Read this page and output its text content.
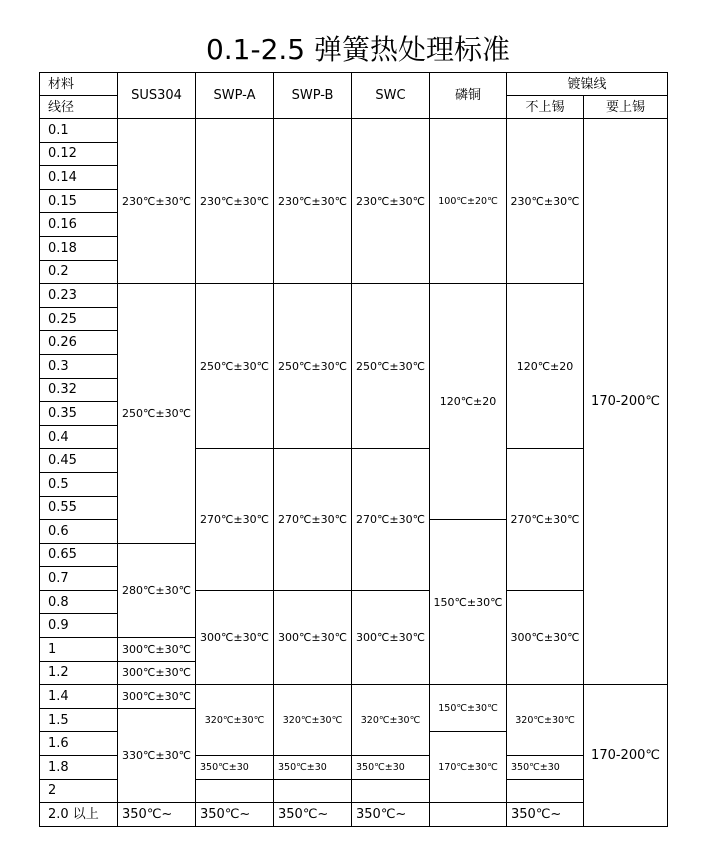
0.1-2.5 弹簧热处理标准
材料	SUS304	SWP-A	SWP-B	SWC	磷铜	镀镍线	
线径						不上锡	要上锡
0.1	230℃±30℃	230℃±30℃	230℃±30℃	230℃±30℃	100℃±20℃	230℃±30℃	170-200℃
0.12							
0.14							
0.15							
0.16							
0.18							
0.2							
0.23	250℃±30℃	250℃±30℃	250℃±30℃	250℃±30℃	120℃±20	120℃±20	
0.25							
0.26							
0.3							
0.32							
0.35							
0.4							
0.45		270℃±30℃	270℃±30℃	270℃±30℃		270℃±30℃	
0.5							
0.55							
0.6					150℃±30℃		
0.65	280℃±30℃						
0.7							
0.8		300℃±30℃	300℃±30℃	300℃±30℃		300℃±30℃	
0.9							
1	300℃±30℃						
1.2	300℃±30℃						
1.4	300℃±30℃	320℃±30℃	320℃±30℃	320℃±30℃	150℃±30℃	320℃±30℃	170-200℃
1.5	330℃±30℃						
1.6					170℃±30℃		
1.8		350℃±30	350℃±30	350℃±30		350℃±30	
2							
2.0 以上	350℃~	350℃~	350℃~	350℃~		350℃~	
